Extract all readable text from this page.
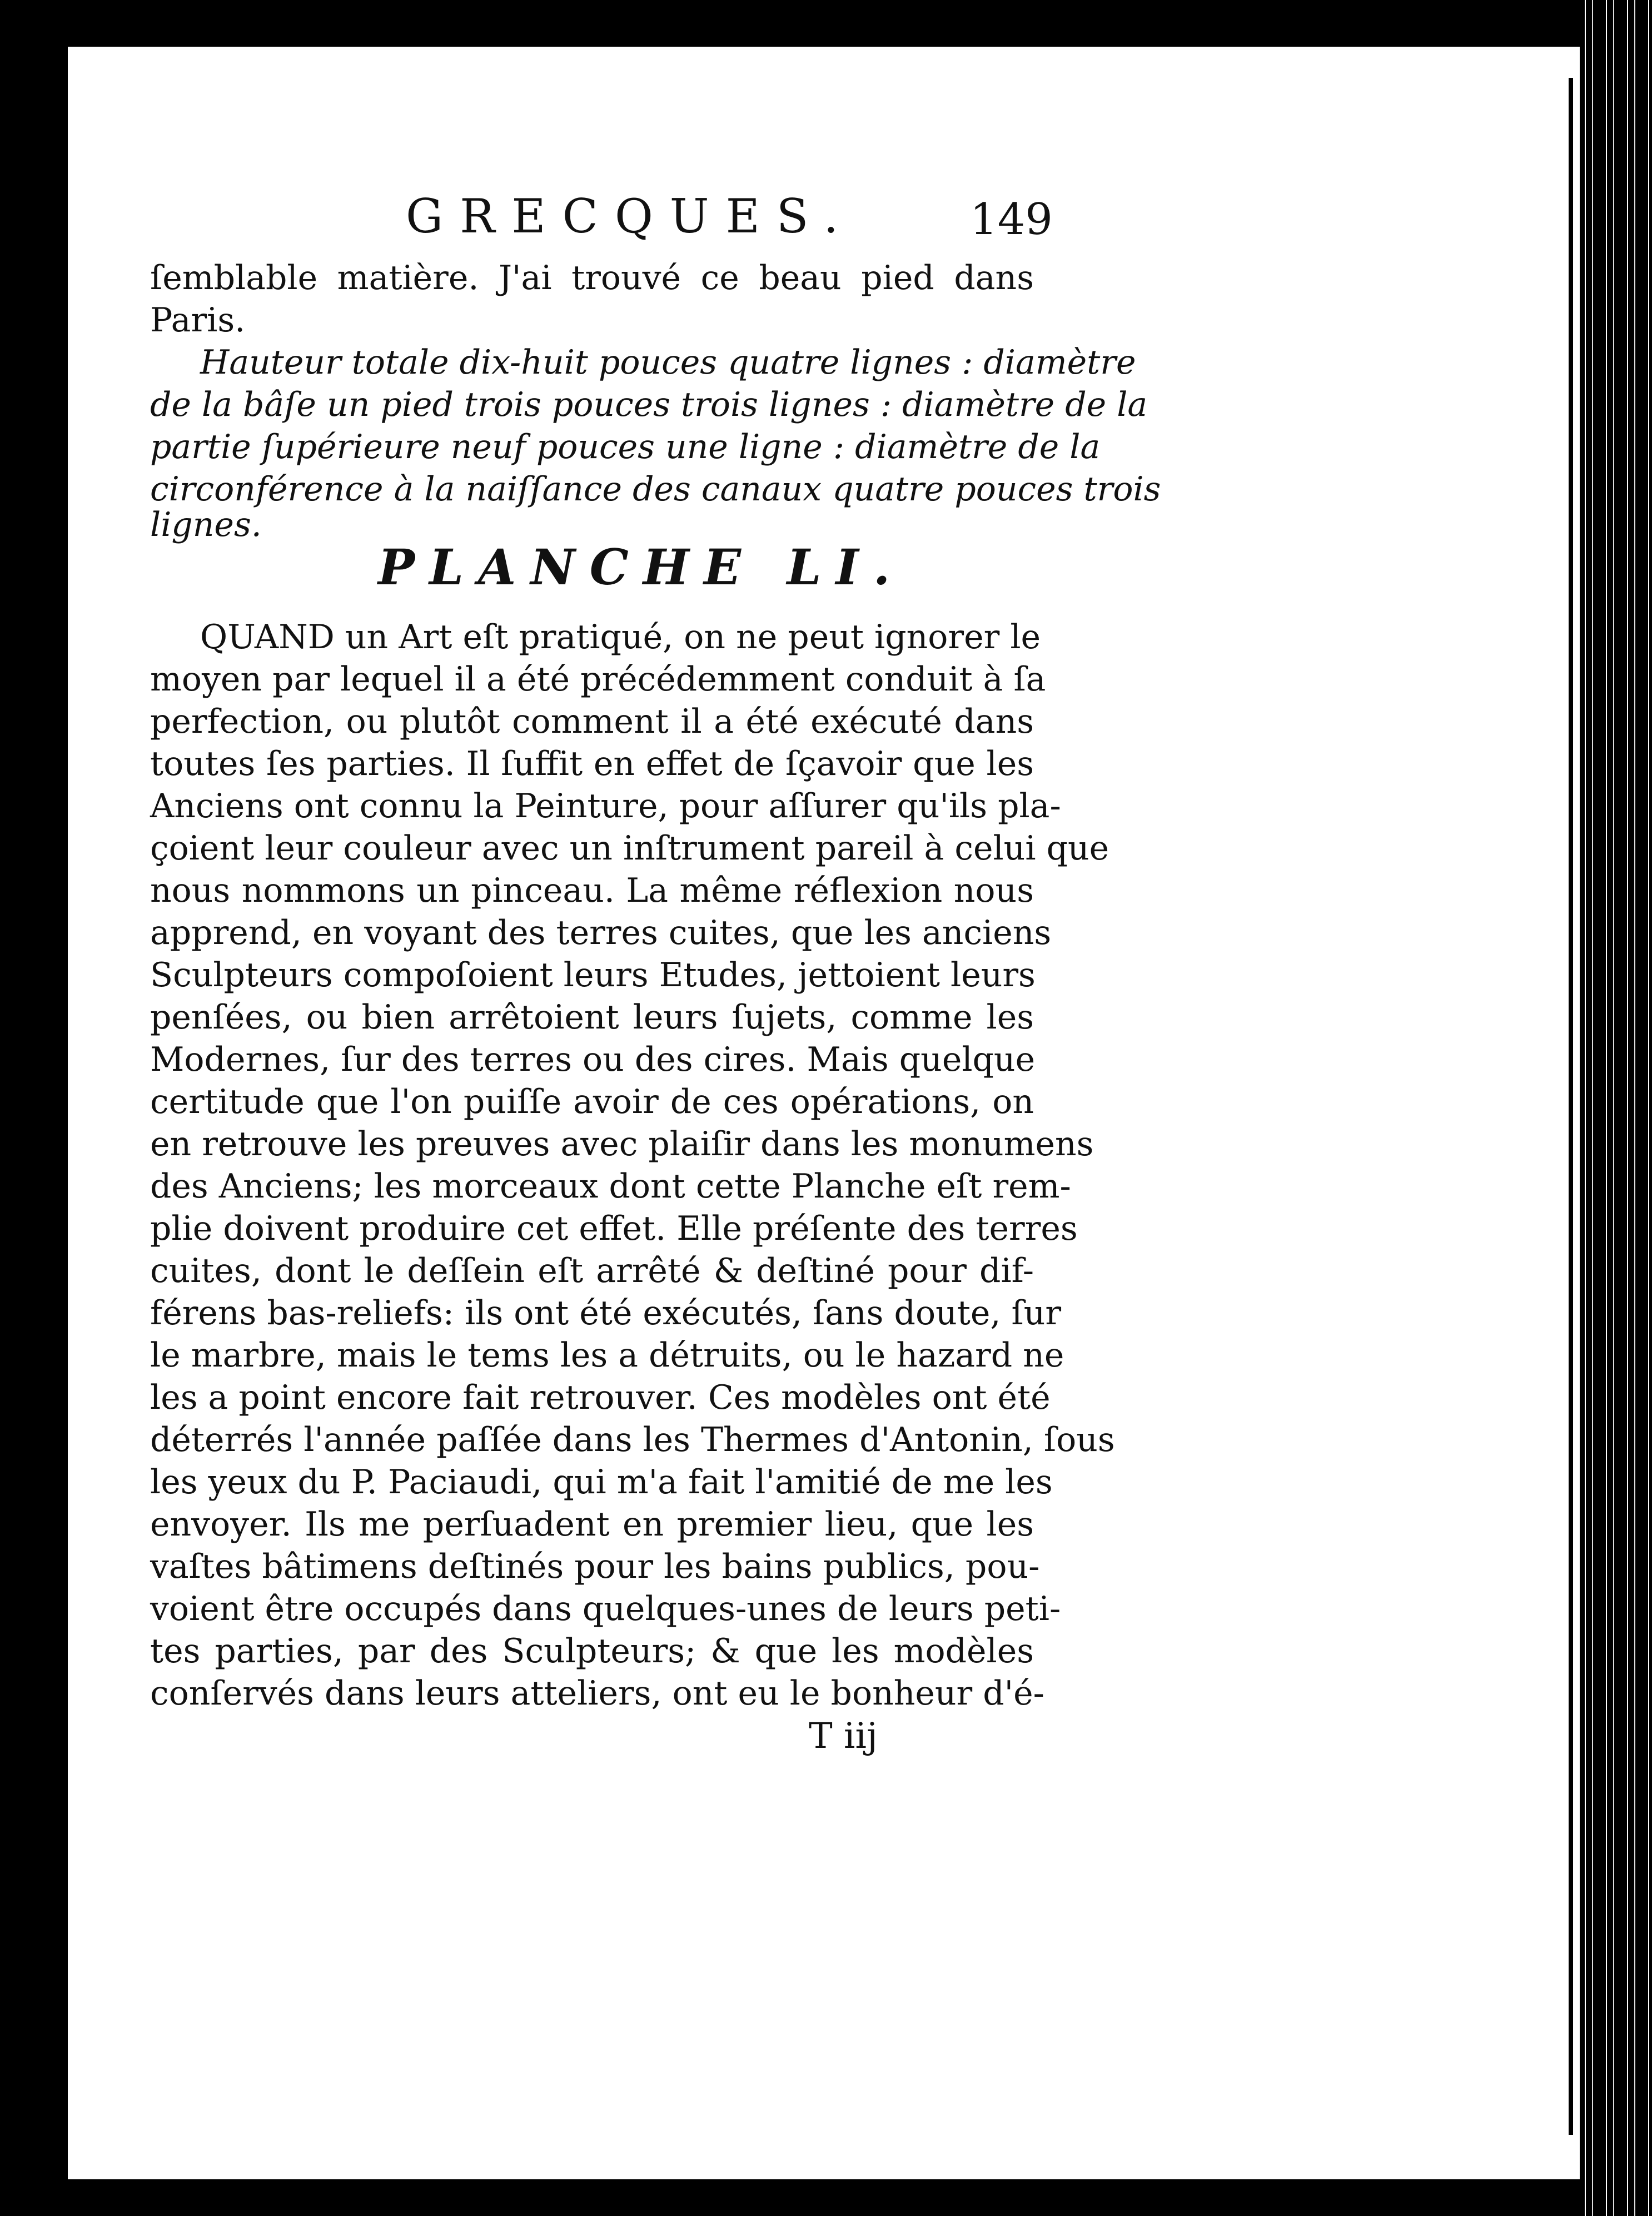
GRECQUES.	149
ſemblable matière. J'ai trouvé ce beau pied dans
Paris.
Hauteur totale dix-huit pouces quatre lignes : diamètre
de la bâſe un pied trois pouces trois lignes : diamètre de la
partie ſupérieure neuf pouces une ligne : diamètre de la
circonférence à la naiſſance des canaux quatre pouces trois
lignes.
PLANCHE LI.
QUAND un Art eſt pratiqué, on ne peut ignorer le
moyen par lequel il a été précédemment conduit à ſa
perfection, ou plutôt comment il a été exécuté dans
toutes ſes parties. Il ſuffit en effet de ſçavoir que les
Anciens ont connu la Peinture, pour aſſurer qu'ils pla-
çoient leur couleur avec un inſtrument pareil à celui que
nous nommons un pinceau. La même réflexion nous
apprend, en voyant des terres cuites, que les anciens
Sculpteurs compoſoient leurs Etudes, jettoient leurs
penſées, ou bien arrêtoient leurs ſujets, comme les
Modernes, ſur des terres ou des cires. Mais quelque
certitude que l'on puiſſe avoir de ces opérations, on
en retrouve les preuves avec plaiſir dans les monumens
des Anciens; les morceaux dont cette Planche eſt rem-
plie doivent produire cet effet. Elle préſente des terres
cuites, dont le deſſein eſt arrêté & deſtiné pour dif-
férens bas-reliefs: ils ont été exécutés, ſans doute, ſur
le marbre, mais le tems les a détruits, ou le hazard ne
les a point encore fait retrouver. Ces modèles ont été
déterrés l'année paſſée dans les Thermes d'Antonin, ſous
les yeux du P. Paciaudi, qui m'a fait l'amitié de me les
envoyer. Ils me perſuadent en premier lieu, que les
vaſtes bâtimens deſtinés pour les bains publics, pou-
voient être occupés dans quelques-unes de leurs peti-
tes parties, par des Sculpteurs; & que les modèles
conſervés dans leurs atteliers, ont eu le bonheur d'é-
T iij
